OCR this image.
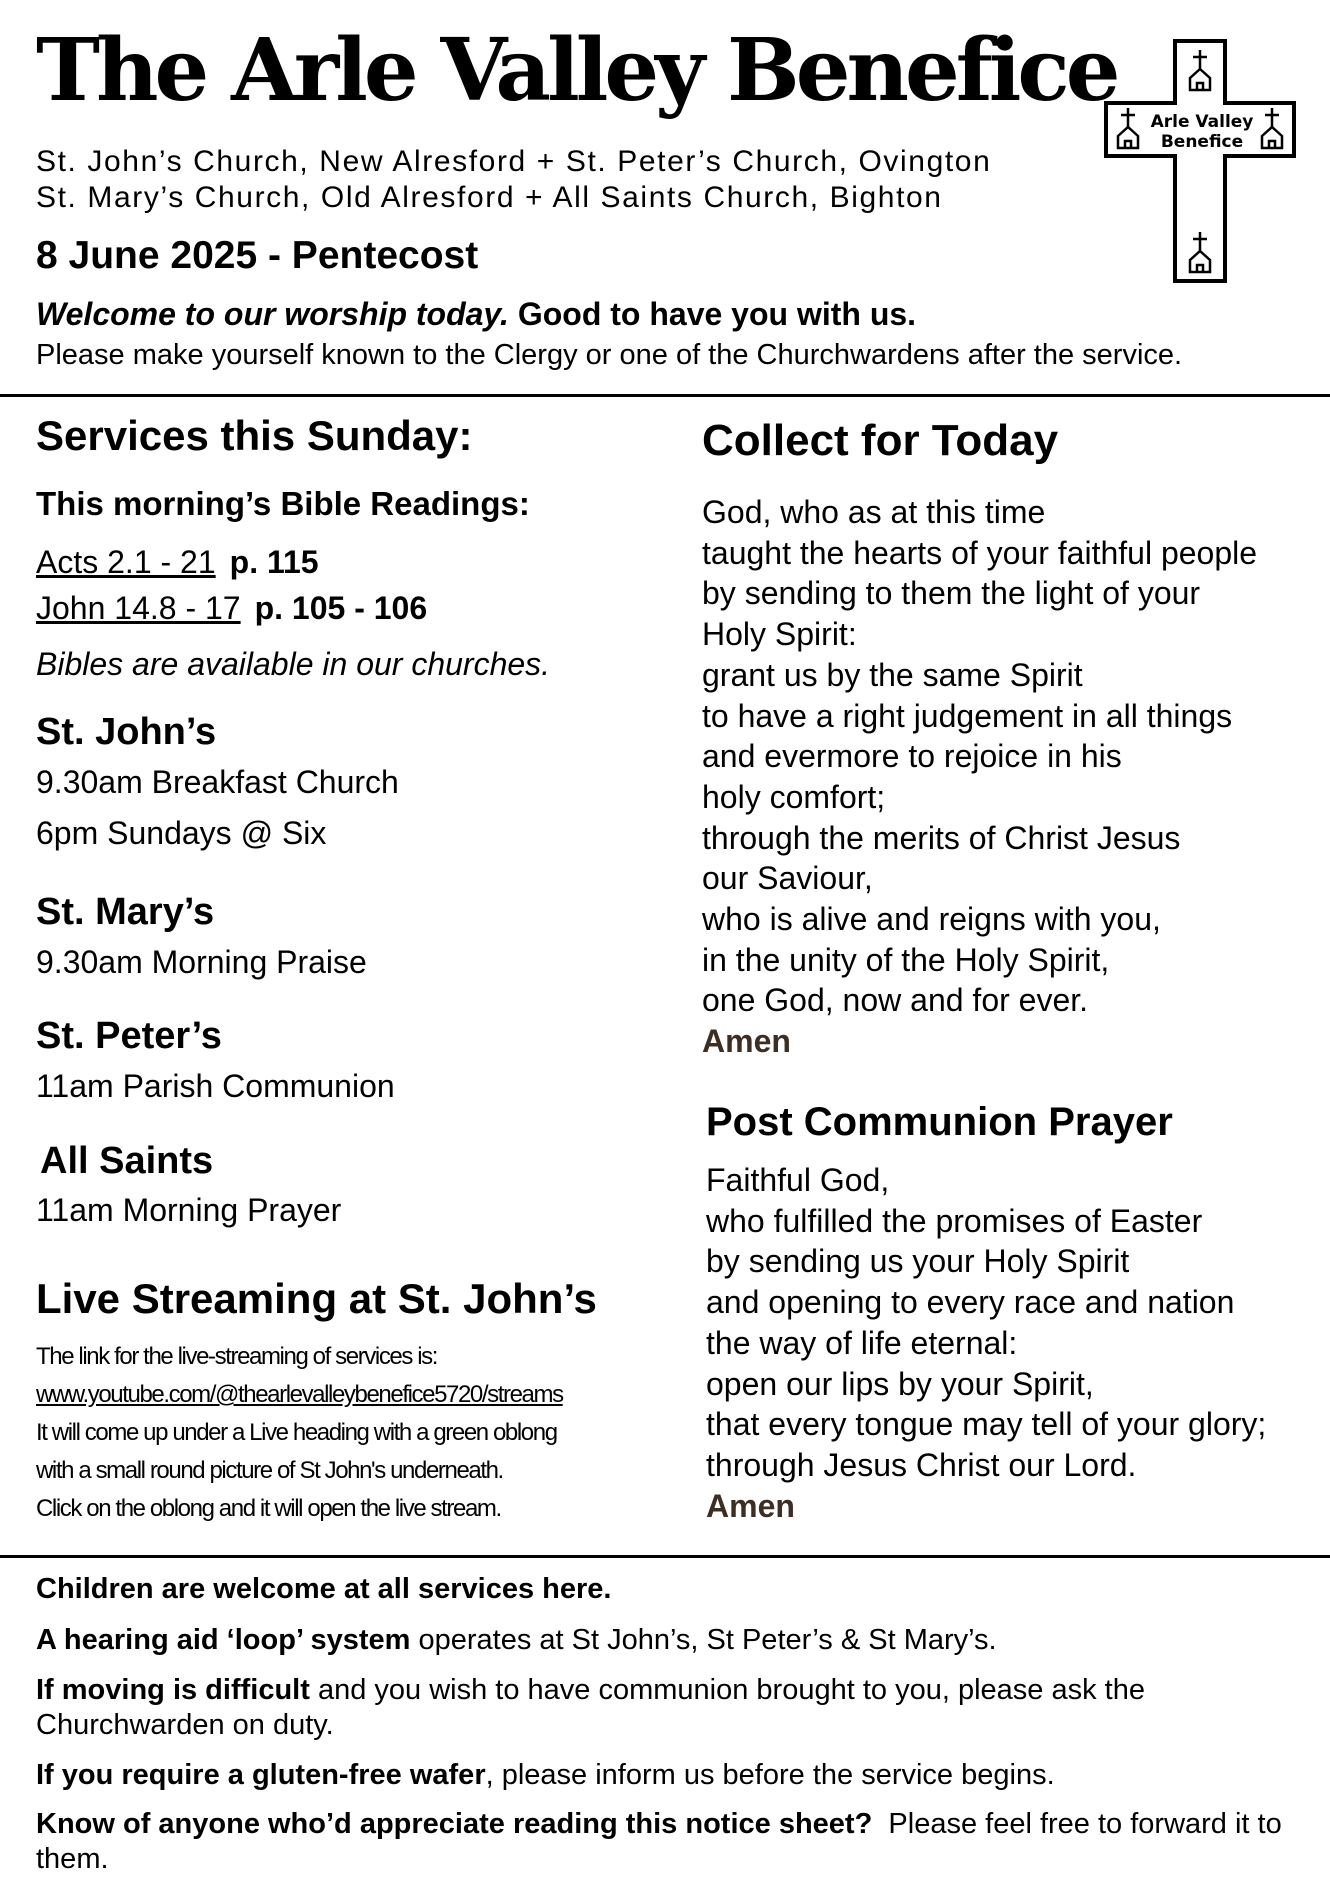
The Arle Valley Benefice
St. John’s Church, New Alresford + St. Peter’s Church, Ovington
St. Mary’s Church, Old Alresford + All Saints Church, Bighton
8 June 2025 - Pentecost
Welcome to our worship today. Good to have you with us.
Please make yourself known to the Clergy or one of the Churchwardens after the service.
Arle Valley
Benefice
Services this Sunday:
This morning’s Bible Readings:
Acts 2.1 - 21 p. 115
John 14.8 - 17 p. 105 - 106
Bibles are available in our churches.
St. John’s
9.30am Breakfast Church
6pm Sundays @ Six
St. Mary’s
9.30am Morning Praise
St. Peter’s
11am Parish Communion
All Saints
11am Morning Prayer
Live Streaming at St. John’s
The link for the live-streaming of services is:
www.youtube.com/@thearlevalleybenefice5720/streams
It will come up under a Live heading with a green oblong
with a small round picture of St John's underneath.
Click on the oblong and it will open the live stream.
Collect for Today
God, who as at this time
taught the hearts of your faithful people
by sending to them the light of your
Holy Spirit:
grant us by the same Spirit
to have a right judgement in all things
and evermore to rejoice in his
holy comfort;
through the merits of Christ Jesus
our Saviour,
who is alive and reigns with you,
in the unity of the Holy Spirit,
one God, now and for ever.
Amen
Post Communion Prayer
Faithful God,
who fulfilled the promises of Easter
by sending us your Holy Spirit
and opening to every race and nation
the way of life eternal:
open our lips by your Spirit,
that every tongue may tell of your glory;
through Jesus Christ our Lord.
Amen
Children are welcome at all services here.
A hearing aid ‘loop’ system operates at St John’s, St Peter’s & St Mary’s.
If moving is difficult and you wish to have communion brought to you, please ask the Churchwarden on duty.
If you require a gluten-free wafer, please inform us before the service begins.
Know of anyone who’d appreciate reading this notice sheet?  Please feel free to forward it to them.
